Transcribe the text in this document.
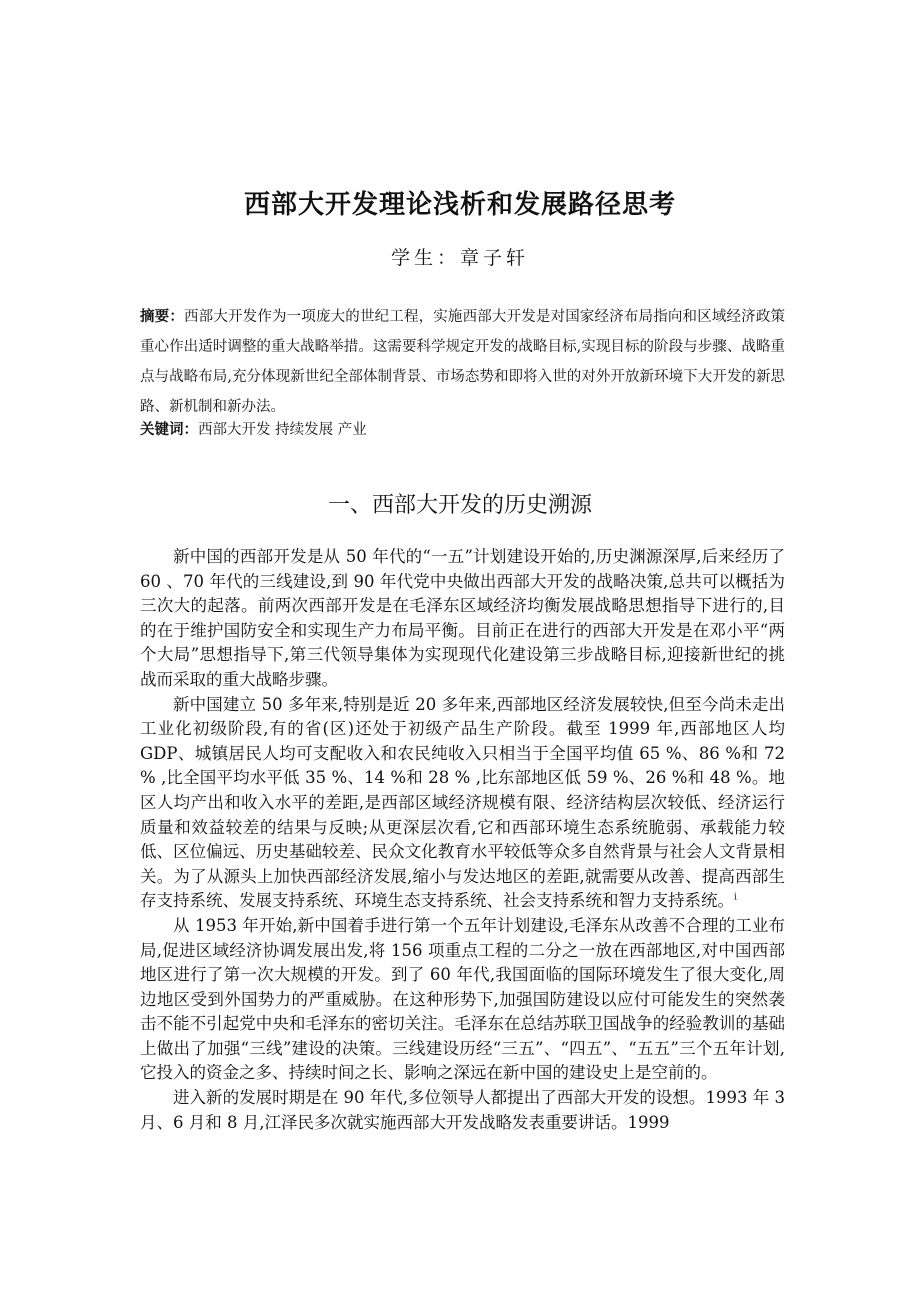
西部大开发理论浅析和发展路径思考
学生：章子轩
摘要：西部大开发作为一项庞大的世纪工程，实施西部大开发是对国家经济布局指向和区域经济政策重心作出适时调整的重大战略举措。这需要科学规定开发的战略目标,实现目标的阶段与步骤、战略重点与战略布局,充分体现新世纪全部体制背景、市场态势和即将入世的对外开放新环境下大开发的新思路、新机制和新办法。
关键词：西部大开发 持续发展 产业
一、西部大开发的历史溯源

新中国的西部开发是从 50 年代的“一五”计划建设开始的,历史渊源深厚,后来经历了 60 、70 年代的三线建设,到 90 年代党中央做出西部大开发的战略决策,总共可以概括为三次大的起落。前两次西部开发是在毛泽东区域经济均衡发展战略思想指导下进行的,目的在于维护国防安全和实现生产力布局平衡。目前正在进行的西部大开发是在邓小平“两个大局”思想指导下,第三代领导集体为实现现代化建设第三步战略目标,迎接新世纪的挑战而采取的重大战略步骤。

新中国建立 50 多年来,特别是近 20 多年来,西部地区经济发展较快,但至今尚未走出工业化初级阶段,有的省(区)还处于初级产品生产阶段。截至 1999 年,西部地区人均 GDP、城镇居民人均可支配收入和农民纯收入只相当于全国平均值 65 %、86 %和 72 % ,比全国平均水平低 35 %、14 %和 28 % ,比东部地区低 59 %、26 %和 48 %。地区人均产出和收入水平的差距,是西部区域经济规模有限、经济结构层次较低、经济运行质量和效益较差的结果与反映;从更深层次看,它和西部环境生态系统脆弱、承载能力较低、区位偏远、历史基础较差、民众文化教育水平较低等众多自然背景与社会人文背景相关。为了从源头上加快西部经济发展,缩小与发达地区的差距,就需要从改善、提高西部生存支持系统、发展支持系统、环境生态支持系统、社会支持系统和智力支持系统。$^i$

从 1953 年开始,新中国着手进行第一个五年计划建设,毛泽东从改善不合理的工业布局,促进区域经济协调发展出发,将 156 项重点工程的二分之一放在西部地区,对中国西部地区进行了第一次大规模的开发。到了 60 年代,我国面临的国际环境发生了很大变化,周边地区受到外国势力的严重威胁。在这种形势下,加强国防建设以应付可能发生的突然袭击不能不引起党中央和毛泽东的密切关注。毛泽东在总结苏联卫国战争的经验教训的基础上做出了加强“三线”建设的决策。三线建设历经“三五”、“四五”、“五五”三个五年计划,它投入的资金之多、持续时间之长、影响之深远在新中国的建设史上是空前的。

进入新的发展时期是在 90 年代,多位领导人都提出了西部大开发的设想。1993 年 3 月、6 月和 8 月,江泽民多次就实施西部大开发战略发表重要讲话。1999
